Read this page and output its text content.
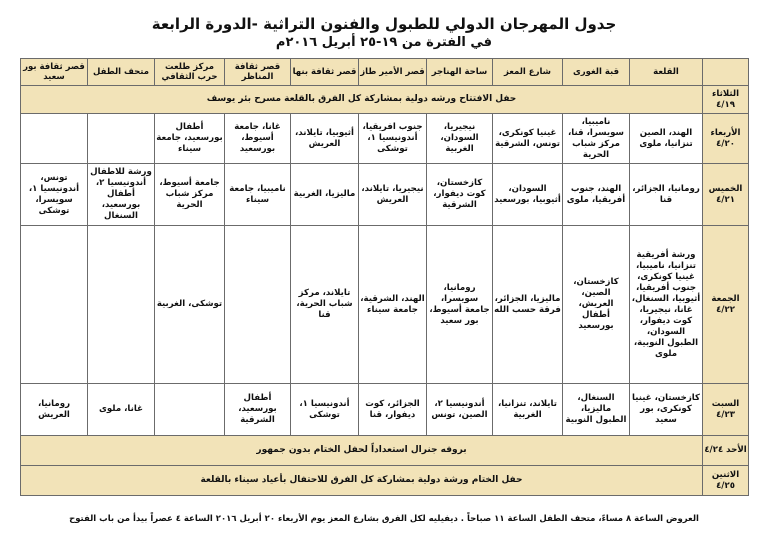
جدول المهرجان الدولي للطبول والفنون التراثية -الدورة الرابعة
في الفترة من ١٩-٢٥ أبريل ٢٠١٦م
	القلعة	قبة الغورى	شارع المعز	ساحة الهناجر	قصر الأمير طاز	قصر ثقافة بنها	قصر ثقافة المناظر	مركز طلعت حرب الثقافي	متحف الطفل	قصر ثقافة بور سعيد
الثلاثاء ٤/١٩	حفل الافتتاح ورشه دولية بمشاركة كل الفرق بالقلعة مسرح بئر يوسف									
الأربعاء ٤/٢٠	الهند، الصين تنزانيا، ملوى	ناميبيا، سويسرا، قنا، مركز شباب الحرية	غينيا كونكرى، تونس، الشرقية	نيجيريا، السودان، الغربية	جنوب افريقيا، أندونيسيا ١، توشكى	أثيوبيا، تايلاند، العريش	غانا، جامعة أسيوط، بورسعيد	أطفال بورسعيد، جامعة سيناء		
الخميس ٤/٢١	رومانيا، الجزائر، قنا	الهند، جنوب أفريقيا، ملوى	السودان، أثيوبيا، بورسعيد	كازخستان، كوت ديفوار، الشرقية	نيجيريا، تايلاند، العريش	ماليزيا، الغربية	ناميبيا، جامعة سيناء	جامعة أسيوط، مركز شباب الحرية	ورشة للاطفال أندونيسيا ٢، أطفال بورسعيد، السنغال	تونس، أندونيسيا ١، سويسرا، توشكى
الجمعة ٤/٢٢	ورشة أفريقية تنزانيا، ناميبيا، غينيا كونكرى، جنوب أفريقيا، أثيوبيا، السنغال، غانا، نيجيريا، كوت ديفوار، السودان، الطبول النوبية، ملوى	كازخستان، الصين، العريش، أطفال بورسعيد	ماليزيا، الجزائر، فرقة حسب الله	رومانيا، سويسرا، جامعة أسيوط، بور سعيد	الهند، الشرقية، جامعة سيناء	تايلاند، مركز شباب الحرية، قنا		توشكى، الغربية		
السبت ٤/٢٣	كازخستان، غينيا كونكرى، بور سعيد	السنغال، ماليزيا، الطبول النوبية	تايلاند، تنزانيا، الغربية	أندونيسيا ٢، الصين، تونس	الجزائر، كوت ديفوار، قنا	أندونيسيا ١، توشكى	أطفال بورسعيد، الشرقية		غانا، ملوى	رومانيا، العريش
الأحد ٤/٢٤	بروفه جنرال استعداداً لحفل الختام بدون جمهور									
الاثنين ٤/٢٥	حفل الختام ورشة دولية بمشاركة كل الفرق للاحتفال بأعياد سيناء بالقلعة									
العروض الساعة ٨ مساءً، متحف الطفل الساعة ١١ صباحاً . ديفيليه لكل الفرق بشارع المعز يوم الأربعاء ٢٠ أبريل ٢٠١٦ الساعة ٤ عصراً بيدأ من باب الفتوح
